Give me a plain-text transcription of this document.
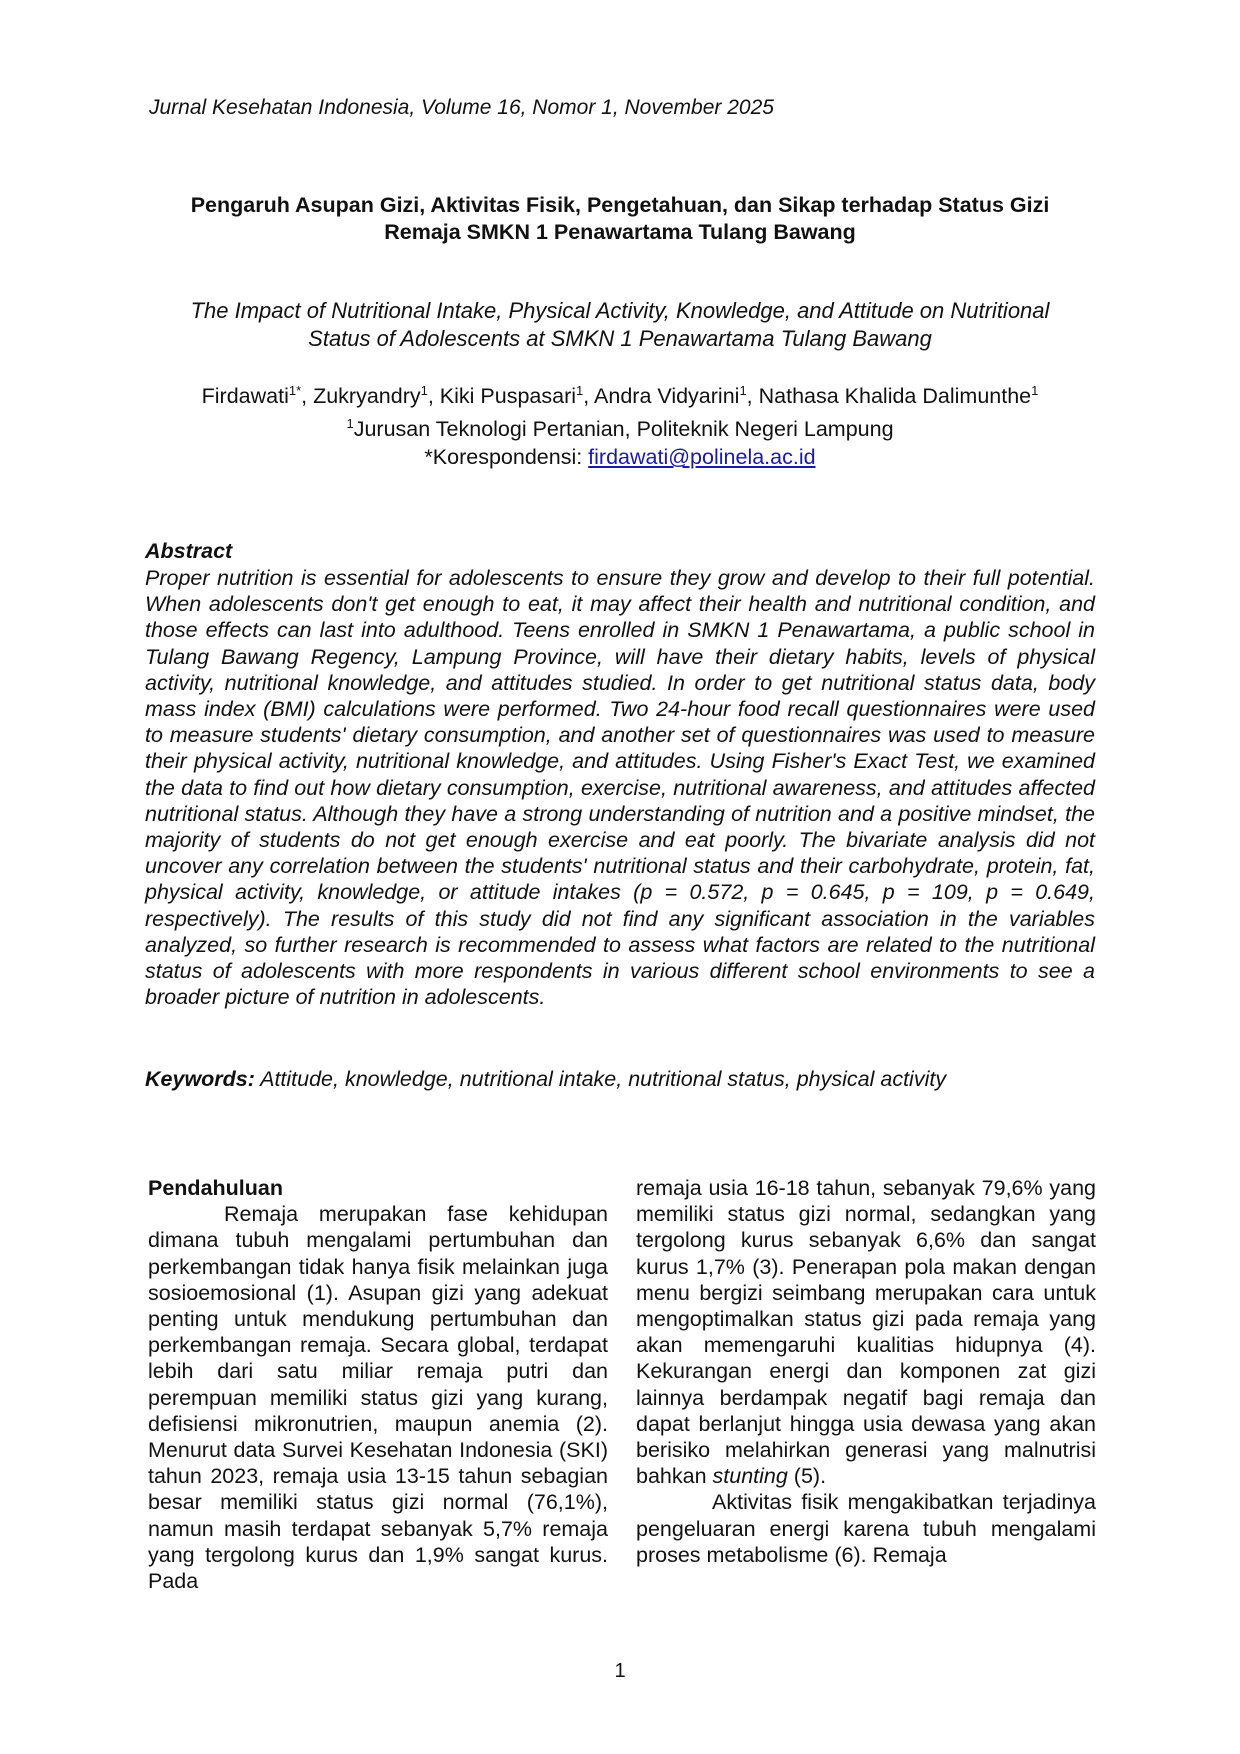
Jurnal Kesehatan Indonesia, Volume 16, Nomor 1, November 2025
Pengaruh Asupan Gizi, Aktivitas Fisik, Pengetahuan, dan Sikap terhadap Status Gizi
Remaja SMKN 1 Penawartama Tulang Bawang
The Impact of Nutritional Intake, Physical Activity, Knowledge, and Attitude on Nutritional
Status of Adolescents at SMKN 1 Penawartama Tulang Bawang
Firdawati$^{1*}$, Zukryandry$^1$, Kiki Puspasari$^1$, Andra Vidyarini$^1$, Nathasa Khalida Dalimunthe$^1$
$^1$Jurusan Teknologi Pertanian, Politeknik Negeri Lampung
*Korespondensi: firdawati@polinela.ac.id
Abstract

Proper nutrition is essential for adolescents to ensure they grow and develop to their full potential. When adolescents don't get enough to eat, it may affect their health and nutritional condition, and those effects can last into adulthood. Teens enrolled in SMKN 1 Penawartama, a public school in Tulang Bawang Regency, Lampung Province, will have their dietary habits, levels of physical activity, nutritional knowledge, and attitudes studied. In order to get nutritional status data, body mass index (BMI) calculations were performed. Two 24-hour food recall questionnaires were used to measure students' dietary consumption, and another set of questionnaires was used to measure their physical activity, nutritional knowledge, and attitudes. Using Fisher's Exact Test, we examined the data to find out how dietary consumption, exercise, nutritional awareness, and attitudes affected nutritional status. Although they have a strong understanding of nutrition and a positive mindset, the majority of students do not get enough exercise and eat poorly. The bivariate analysis did not uncover any correlation between the students' nutritional status and their carbohydrate, protein, fat, physical activity, knowledge, or attitude intakes (p = 0.572, p = 0.645, p = 109, p = 0.649, respectively). The results of this study did not find any significant association in the variables analyzed, so further research is recommended to assess what factors are related to the nutritional status of adolescents with more respondents in various different school environments to see a broader picture of nutrition in adolescents.

Keywords: Attitude, knowledge, nutritional intake, nutritional status, physical activity
Pendahuluan

Remaja merupakan fase kehidupan dimana tubuh mengalami pertumbuhan dan perkembangan tidak hanya fisik melainkan juga sosioemosional (1). Asupan gizi yang adekuat penting untuk mendukung pertumbuhan dan perkembangan remaja. Secara global, terdapat lebih dari satu miliar remaja putri dan perempuan memiliki status gizi yang kurang, defisiensi mikronutrien, maupun anemia (2). Menurut data Survei Kesehatan Indonesia (SKI) tahun 2023, remaja usia 13-15 tahun sebagian besar memiliki status gizi normal (76,1%), namun masih terdapat sebanyak 5,7% remaja yang tergolong kurus dan 1,9% sangat kurus. Pada

remaja usia 16-18 tahun, sebanyak 79,6% yang memiliki status gizi normal, sedangkan yang tergolong kurus sebanyak 6,6% dan sangat kurus 1,7% (3). Penerapan pola makan dengan menu bergizi seimbang merupakan cara untuk mengoptimalkan status gizi pada remaja yang akan memengaruhi kualitias hidupnya (4). Kekurangan energi dan komponen zat gizi lainnya berdampak negatif bagi remaja dan dapat berlanjut hingga usia dewasa yang akan berisiko melahirkan generasi yang malnutrisi bahkan stunting (5).

Aktivitas fisik mengakibatkan terjadinya pengeluaran energi karena tubuh mengalami proses metabolisme (6). Remaja

1
